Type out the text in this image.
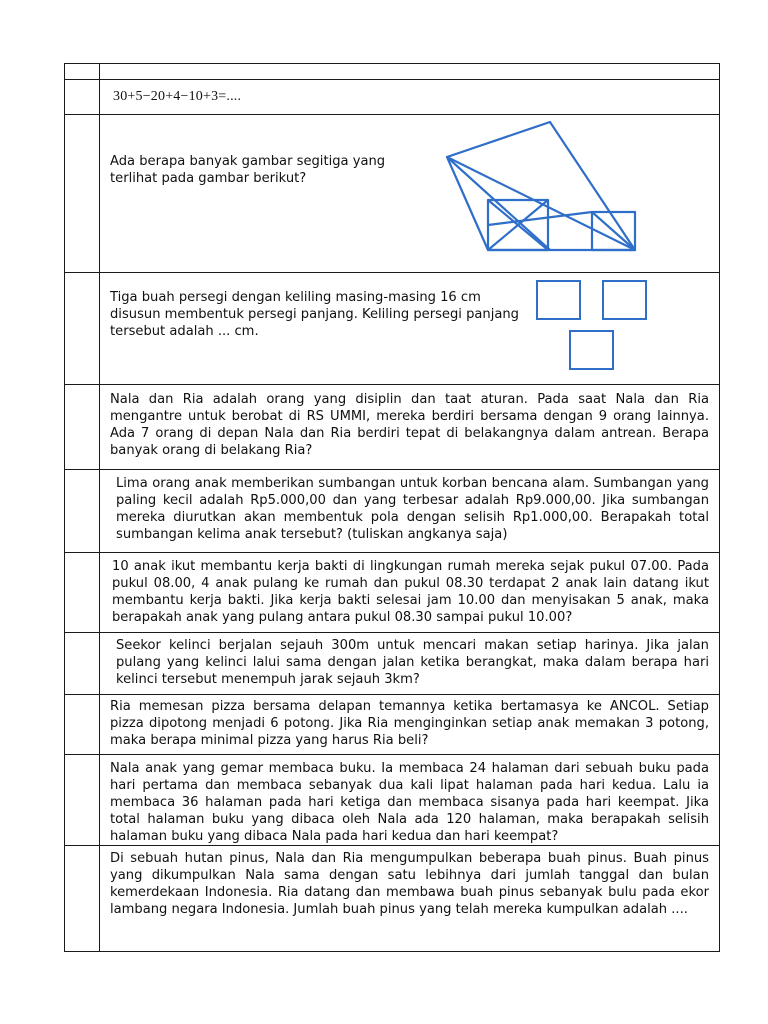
	30+5−20+4−10+3=....

	Ada berapa banyak gambar segitiga yang terlihat pada gambar berikut?

	Tiga buah persegi dengan keliling masing-masing 16 cm disusun membentuk persegi panjang. Keliling persegi panjang tersebut adalah ... cm.

	Nala dan Ria adalah orang yang disiplin dan taat aturan. Pada saat Nala dan Ria mengantre untuk berobat di RS UMMI, mereka berdiri bersama dengan 9 orang lainnya. Ada 7 orang di depan Nala dan Ria berdiri tepat di belakangnya dalam antrean. Berapa banyak orang di belakang Ria?

	Lima orang anak memberikan sumbangan untuk korban bencana alam. Sumbangan yang paling kecil adalah Rp5.000,00 dan yang terbesar adalah Rp9.000,00. Jika sumbangan mereka diurutkan akan membentuk pola dengan selisih Rp1.000,00. Berapakah total sumbangan kelima anak tersebut? (tuliskan angkanya saja)

	10 anak ikut membantu kerja bakti di lingkungan rumah mereka sejak pukul 07.00. Pada pukul 08.00, 4 anak pulang ke rumah dan pukul 08.30 terdapat 2 anak lain datang ikut membantu kerja bakti. Jika kerja bakti selesai jam 10.00 dan menyisakan 5 anak, maka berapakah anak yang pulang antara pukul 08.30 sampai pukul 10.00?

	Seekor kelinci berjalan sejauh 300m untuk mencari makan setiap harinya. Jika jalan pulang yang kelinci lalui sama dengan jalan ketika berangkat, maka dalam berapa hari kelinci tersebut menempuh jarak sejauh 3km?

	Ria memesan pizza bersama delapan temannya ketika bertamasya ke ANCOL. Setiap pizza dipotong menjadi 6 potong. Jika Ria menginginkan setiap anak memakan 3 potong, maka berapa minimal pizza yang harus Ria beli?

	Nala anak yang gemar membaca buku. Ia membaca 24 halaman dari sebuah buku pada hari pertama dan membaca sebanyak dua kali lipat halaman pada hari kedua. Lalu ia membaca 36 halaman pada hari ketiga dan membaca sisanya pada hari keempat. Jika total halaman buku yang dibaca oleh Nala ada 120 halaman, maka berapakah selisih halaman buku yang dibaca Nala pada hari kedua dan hari keempat?

	Di sebuah hutan pinus, Nala dan Ria mengumpulkan beberapa buah pinus. Buah pinus yang dikumpulkan Nala sama dengan satu lebihnya dari jumlah tanggal dan bulan kemerdekaan Indonesia. Ria datang dan membawa buah pinus sebanyak bulu pada ekor lambang negara Indonesia. Jumlah buah pinus yang telah mereka kumpulkan adalah ....
